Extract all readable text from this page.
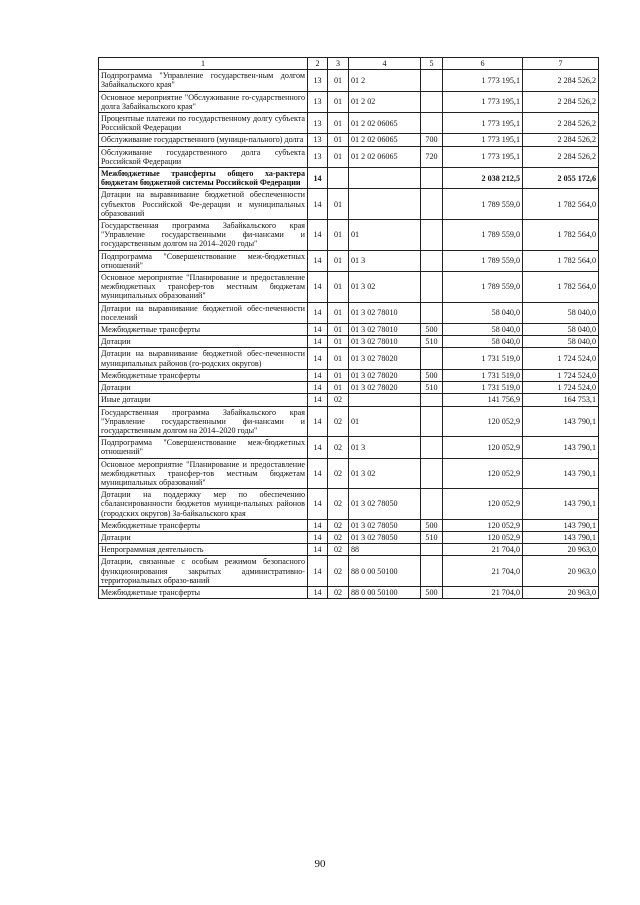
1	2	3	4	5	6	7
Подпрограмма "Управление государствен-ным долгом Забайкальского края"	13	01	01 2		1 773 195,1	2 284 526,2
Основное мероприятие "Обслуживание го-сударственного долга Забайкальского края"	13	01	01 2 02		1 773 195,1	2 284 526,2
Процентные платежи по государственному долгу субъекта Российской Федерации	13	01	01 2 02 06065		1 773 195,1	2 284 526,2
Обслуживание государственного (муници-пального) долга	13	01	01 2 02 06065	700	1 773 195,1	2 284 526,2
Обслуживание государственного долга субъекта Российской Федерации	13	01	01 2 02 06065	720	1 773 195,1	2 284 526,2
Межбюджетные трансферты общего ха-рактера бюджетам бюджетной системы Российской Федерации	14				2 038 212,5	2 055 172,6
Дотации на выравнивание бюджетной обеспеченности субъектов Российской Фе-дерации и муниципальных образований	14	01			1 789 559,0	1 782 564,0
Государственная программа Забайкальского края "Управление государственными фи-нансами и государственным долгом на 2014–2020 годы"	14	01	01		1 789 559,0	1 782 564,0
Подпрограмма "Совершенствование меж-бюджетных отношений"	14	01	01 3		1 789 559,0	1 782 564,0
Основное мероприятие "Планирование и предоставление межбюджетных трансфер-тов местным бюджетам муниципальных образований"	14	01	01 3 02		1 789 559,0	1 782 564,0
Дотации на выравнивание бюджетной обес-печенности поселений	14	01	01 3 02 78010		58 040,0	58 040,0
Межбюджетные трансферты	14	01	01 3 02 78010	500	58 040,0	58 040,0
Дотации	14	01	01 3 02 78010	510	58 040,0	58 040,0
Дотации на выравнивание бюджетной обес-печенности муниципальных районов (го-родских округов)	14	01	01 3 02 78020		1 731 519,0	1 724 524,0
Межбюджетные трансферты	14	01	01 3 02 78020	500	1 731 519,0	1 724 524,0
Дотации	14	01	01 3 02 78020	510	1 731 519,0	1 724 524,0
Иные дотации	14	02			141 756,9	164 753,1
Государственная программа Забайкальского края "Управление государственными фи-нансами и государственным долгом на 2014–2020 годы"	14	02	01		120 052,9	143 790,1
Подпрограмма "Совершенствование меж-бюджетных отношений"	14	02	01 3		120 052,9	143 790,1
Основное мероприятие "Планирование и предоставление межбюджетных трансфер-тов местным бюджетам муниципальных образований"	14	02	01 3 02		120 052,9	143 790,1
Дотации на поддержку мер по обеспечению сбалансированности бюджетов муници-пальных районов (городских округов) За-байкальского края	14	02	01 3 02 78050		120 052,9	143 790,1
Межбюджетные трансферты	14	02	01 3 02 78050	500	120 052,9	143 790,1
Дотации	14	02	01 3 02 78050	510	120 052,9	143 790,1
Непрограммная деятельность	14	02	88		21 704,0	20 963,0
Дотации, связанные с особым режимом безопасного функционирования закрытых административно-территориальных образо-ваний	14	02	88 0 00 50100		21 704,0	20 963,0
Межбюджетные трансферты	14	02	88 0 00 50100	500	21 704,0	20 963,0
90
